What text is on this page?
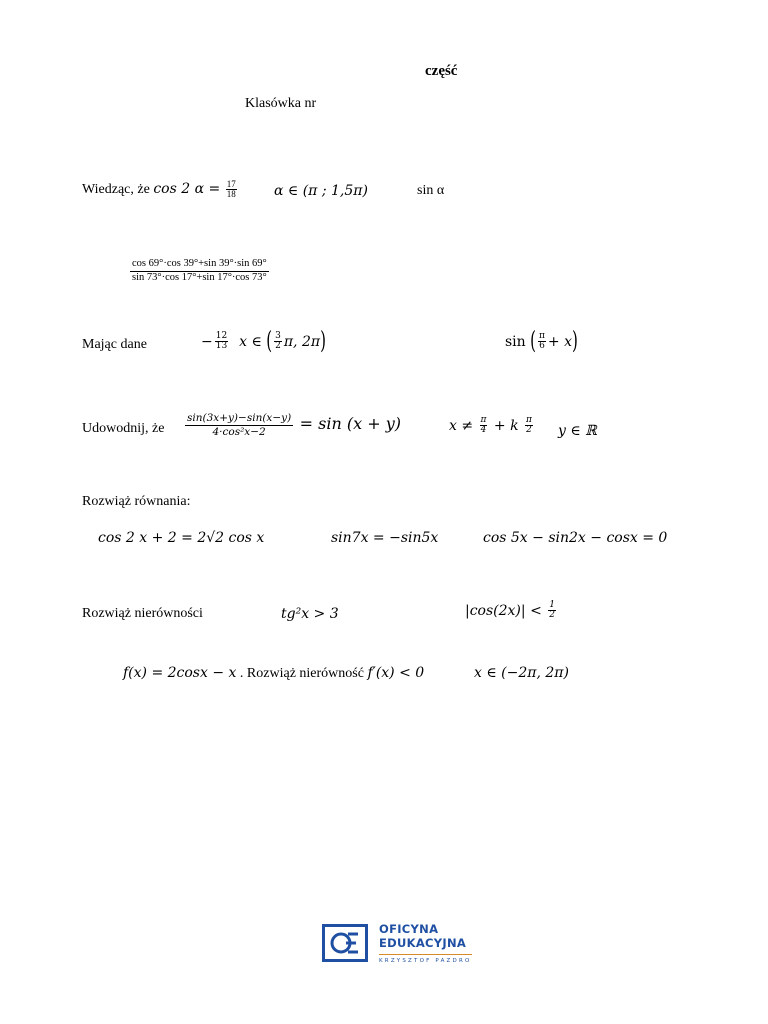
część
Klasówka nr
Wiedząc, że cos 2 $\alpha = \frac{17}{18}$	α ∈ (π ; 1,5π)	sin α
$\frac{\cos 69^\circ\cdot\cos 39^\circ+\sin 39^\circ\cdot\sin 69^\circ}{\sin 73^\circ\cdot\cos 17^\circ+\sin 17^\circ\cdot\cos 73^\circ}$
Mając dane	− $\frac{12}{13}$ x ∈ ( $\frac{3}{2} \pi$, 2π)	sin ( $\frac{\pi}{6} + x$)
Udowodnij, że $\frac{\sin(3x+y)-\sin(x-y)}{\text{4·cos²x−2}} = \sin (x + y)$	$x \ne \frac{\pi}{4} + k \frac{\pi}{2}$ y ∈ ℝ
Rozwiąż równania:
cos 2 x + 2 = 2√2 cos x	sin7x = −sin5x	cos 5x − sin2x − cosx = 0
Rozwiąż nierówności	tg²x > 3	$|\cos(2x)| < \frac{1}{2}$
f(x) = 2cosx − x . Rozwiąż nierówność f′(x) < 0	x ∈ (−2π, 2π)
OFICYNA
EDUKACYJNA
KRZYSZTOF PAZDRO
